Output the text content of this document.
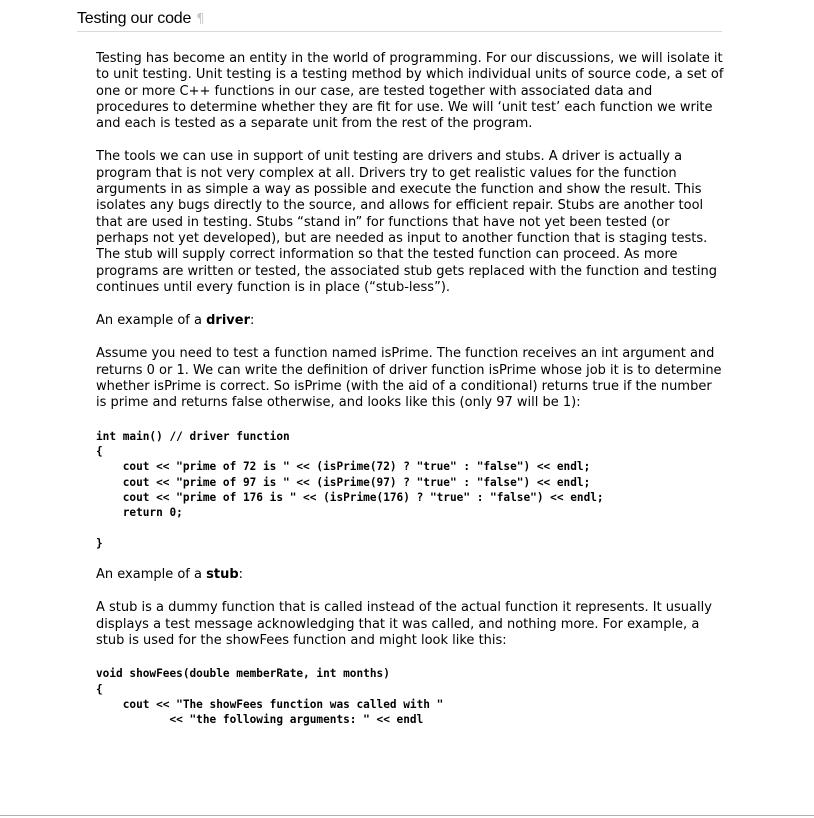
Testing our code ¶

Testing has become an entity in the world of programming. For our discussions, we will isolate it to unit testing. Unit testing is a testing method by which individual units of source code, a set of one or more C++ functions in our case, are tested together with associated data and procedures to determine whether they are fit for use. We will ‘unit test’ each function we write and each is tested as a separate unit from the rest of the program.

The tools we can use in support of unit testing are drivers and stubs. A driver is actually a program that is not very complex at all. Drivers try to get realistic values for the function arguments in as simple a way as possible and execute the function and show the result. This isolates any bugs directly to the source, and allows for efficient repair. Stubs are another tool that are used in testing. Stubs “stand in” for functions that have not yet been tested (or perhaps not yet developed), but are needed as input to another function that is staging tests. The stub will supply correct information so that the tested function can proceed. As more programs are written or tested, the associated stub gets replaced with the function and testing continues until every function is in place (“stub-less”).

An example of a driver:

Assume you need to test a function named isPrime. The function receives an int argument and returns 0 or 1. We can write the definition of driver function isPrime whose job it is to determine whether isPrime is correct. So isPrime (with the aid of a conditional) returns true if the number is prime and returns false otherwise, and looks like this (only 97 will be 1):

int main() // driver function
{
cout << "prime of 72 is " << (isPrime(72) ? "true" : "false") << endl;
cout << "prime of 97 is " << (isPrime(97) ? "true" : "false") << endl;
cout << "prime of 176 is " << (isPrime(176) ? "true" : "false") << endl;
return 0;

}

An example of a stub:

A stub is a dummy function that is called instead of the actual function it represents. It usually displays a test message acknowledging that it was called, and nothing more. For example, a stub is used for the showFees function and might look like this:

void showFees(double memberRate, int months)
{
cout << "The showFees function was called with "
<< "the following arguments: " << endl
